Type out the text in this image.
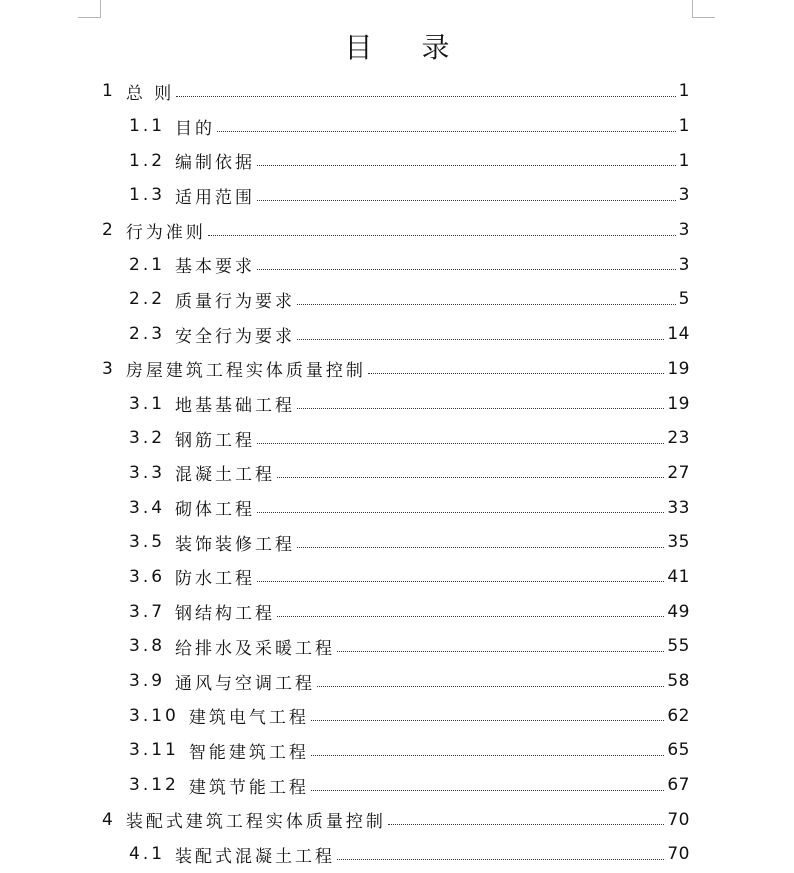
目 录
1 总 则	1
1.1 目的	1
1.2 编制依据	1
1.3 适用范围	3
2 行为准则	3
2.1 基本要求	3
2.2 质量行为要求	5
2.3 安全行为要求	14
3 房屋建筑工程实体质量控制	19
3.1 地基基础工程	19
3.2 钢筋工程	23
3.3 混凝土工程	27
3.4 砌体工程	33
3.5 装饰装修工程	35
3.6 防水工程	41
3.7 钢结构工程	49
3.8 给排水及采暖工程	55
3.9 通风与空调工程	58
3.10 建筑电气工程	62
3.11 智能建筑工程	65
3.12 建筑节能工程	67
4 装配式建筑工程实体质量控制	70
4.1 装配式混凝土工程	70
